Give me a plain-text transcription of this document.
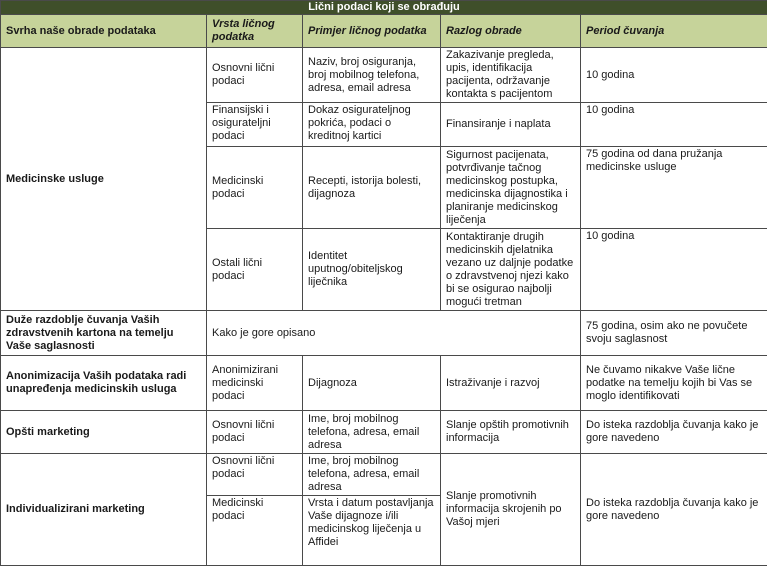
Lični podaci koji se obrađuju				
Svrha naše obrade podataka	Vrsta ličnog podatka	Primjer ličnog podatka	Razlog obrade	Period čuvanja
Medicinske usluge	Osnovni lični podaci	Naziv, broj osiguranja, broj mobilnog telefona, adresa, email adresa	Zakazivanje pregleda, upis, identifikacija pacijenta, održavanje kontakta s pacijentom	10 godina
	Finansijski i osigurateljni podaci	Dokaz osigurateljnog pokrića, podaci o kreditnoj kartici	Finansiranje i naplata	10 godina
	Medicinski podaci	Recepti, istorija bolesti, dijagnoza	Sigurnost pacijenata, potvrđivanje tačnog medicinskog postupka, medicinska dijagnostika i planiranje medicinskog liječenja	75 godina od dana pružanja medicinske usluge
	Ostali lični podaci	Identitet uputnog/obiteljskog liječnika	Kontaktiranje drugih medicinskih djelatnika vezano uz daljnje podatke o zdravstvenoj njezi kako bi se osigurao najbolji mogući tretman	10 godina
Duže razdoblje čuvanja Vaših zdravstvenih kartona na temelju Vaše saglasnosti	Kako je gore opisano			75 godina, osim ako ne povučete svoju saglasnost
Anonimizacija Vaših podataka radi unapređenja medicinskih usluga	Anonimizirani medicinski podaci	Dijagnoza	Istraživanje i razvoj	Ne čuvamo nikakve Vaše lične podatke na temelju kojih bi Vas se moglo identifikovati
Opšti marketing	Osnovni lični podaci	Ime, broj mobilnog telefona, adresa, email adresa	Slanje opštih promotivnih informacija	Do isteka razdoblja čuvanja kako je gore navedeno
Individualizirani marketing	Osnovni lični podaci	Ime, broj mobilnog telefona, adresa, email adresa	Slanje promotivnih informacija skrojenih po Vašoj mjeri	Do isteka razdoblja čuvanja kako je gore navedeno
	Medicinski podaci	Vrsta i datum postavljanja Vaše dijagnoze i/ili medicinskog liječenja u Affidei		
